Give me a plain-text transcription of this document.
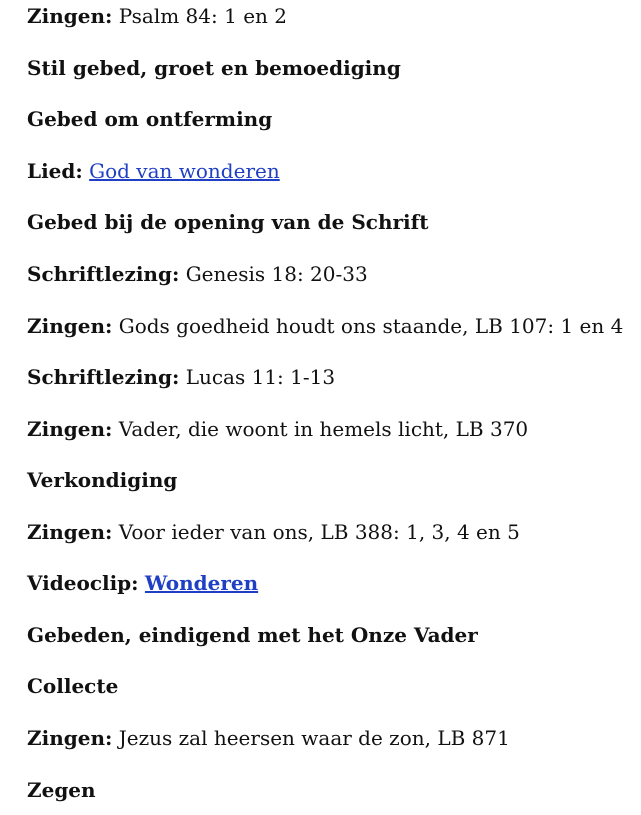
Zingen: Psalm 84: 1 en 2
Stil gebed, groet en bemoediging
Gebed om ontferming
Lied: God van wonderen
Gebed bij de opening van de Schrift
Schriftlezing: Genesis 18: 20-33
Zingen: Gods goedheid houdt ons staande, LB 107: 1 en 4
Schriftlezing: Lucas 11: 1-13
Zingen: Vader, die woont in hemels licht, LB 370
Verkondiging
Zingen: Voor ieder van ons, LB 388: 1, 3, 4 en 5
Videoclip: Wonderen
Gebeden, eindigend met het Onze Vader
Collecte
Zingen: Jezus zal heersen waar de zon, LB 871
Zegen
